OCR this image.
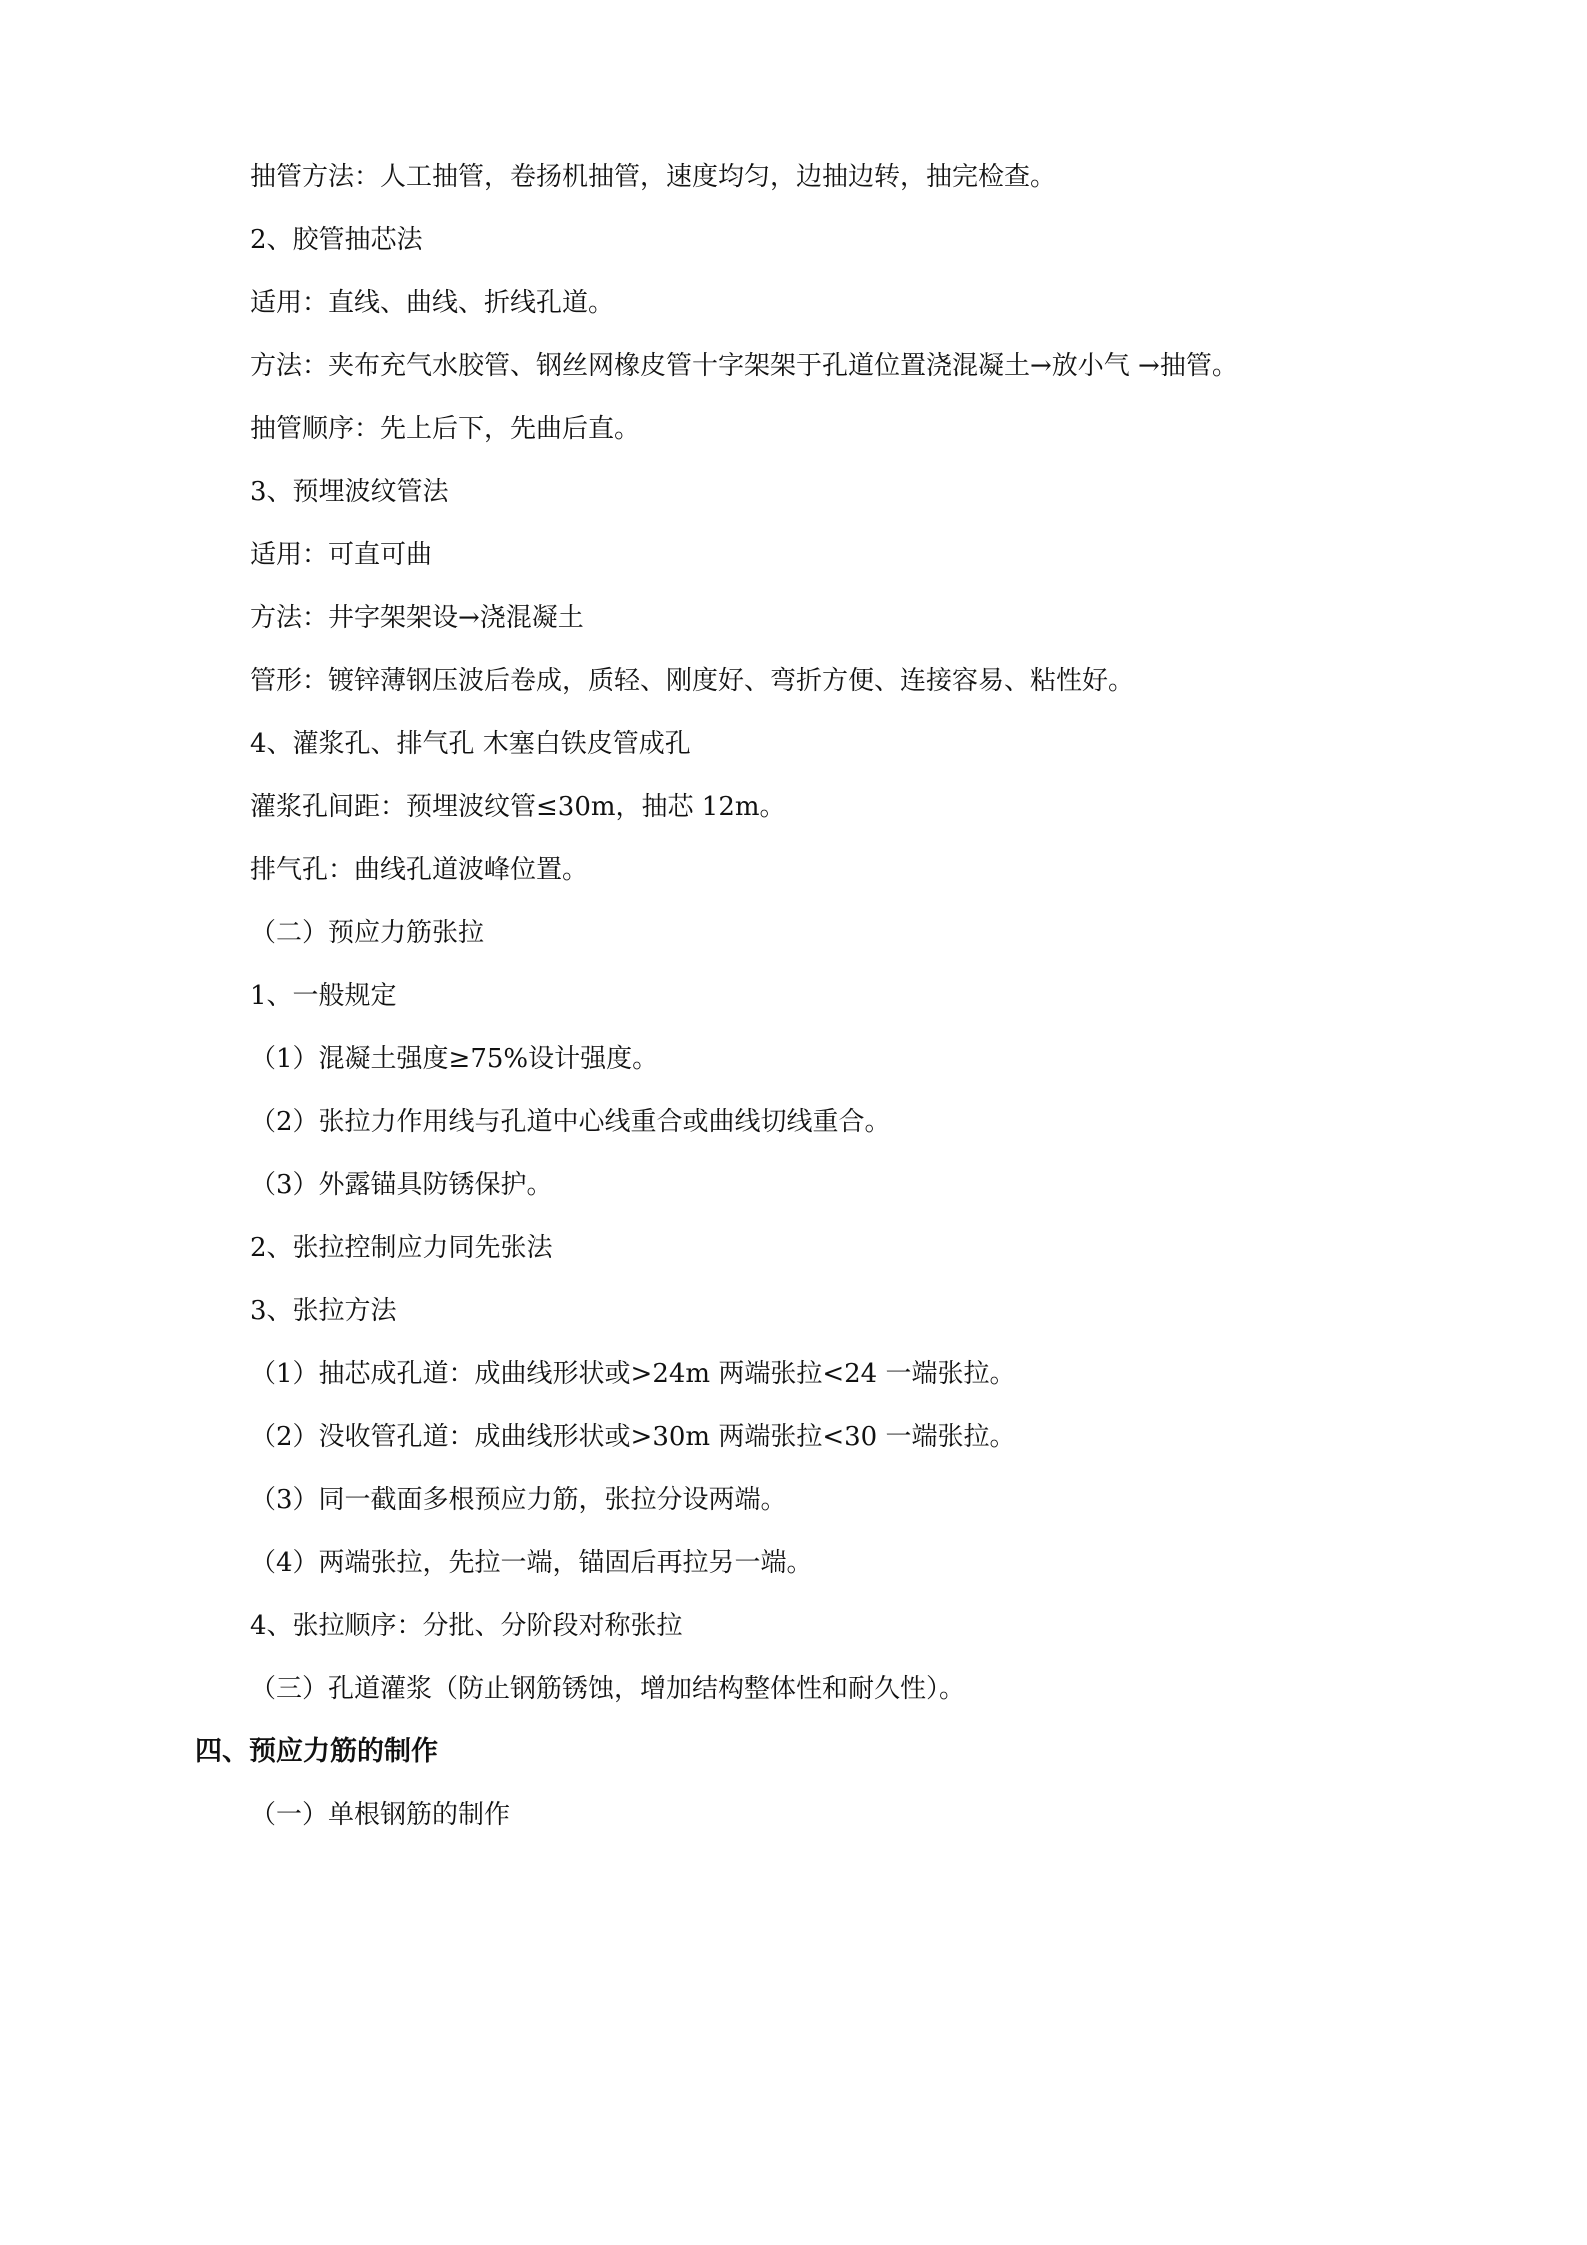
抽管方法：人工抽管，卷扬机抽管，速度均匀，边抽边转，抽完检查。
2、胶管抽芯法
适用：直线、曲线、折线孔道。
方法：夹布充气水胶管、钢丝网橡皮管十字架架于孔道位置浇混凝土→放小气 →抽管。
抽管顺序：先上后下，先曲后直。
3、预埋波纹管法
适用：可直可曲
方法：井字架架设→浇混凝土
管形：镀锌薄钢压波后卷成，质轻、刚度好、弯折方便、连接容易、粘性好。
4、灌浆孔、排气孔 木塞白铁皮管成孔
灌浆孔间距：预埋波纹管≤30m，抽芯 12m。
排气孔：曲线孔道波峰位置。
（二）预应力筋张拉
1、一般规定
（1）混凝土强度≥75%设计强度。
（2）张拉力作用线与孔道中心线重合或曲线切线重合。
（3）外露锚具防锈保护。
2、张拉控制应力同先张法
3、张拉方法
（1）抽芯成孔道：成曲线形状或>24m 两端张拉<24 一端张拉。
（2）没收管孔道：成曲线形状或>30m 两端张拉<30 一端张拉。
（3）同一截面多根预应力筋，张拉分设两端。
（4）两端张拉，先拉一端，锚固后再拉另一端。
4、张拉顺序：分批、分阶段对称张拉
（三）孔道灌浆（防止钢筋锈蚀，增加结构整体性和耐久性）。
四、预应力筋的制作
（一）单根钢筋的制作
